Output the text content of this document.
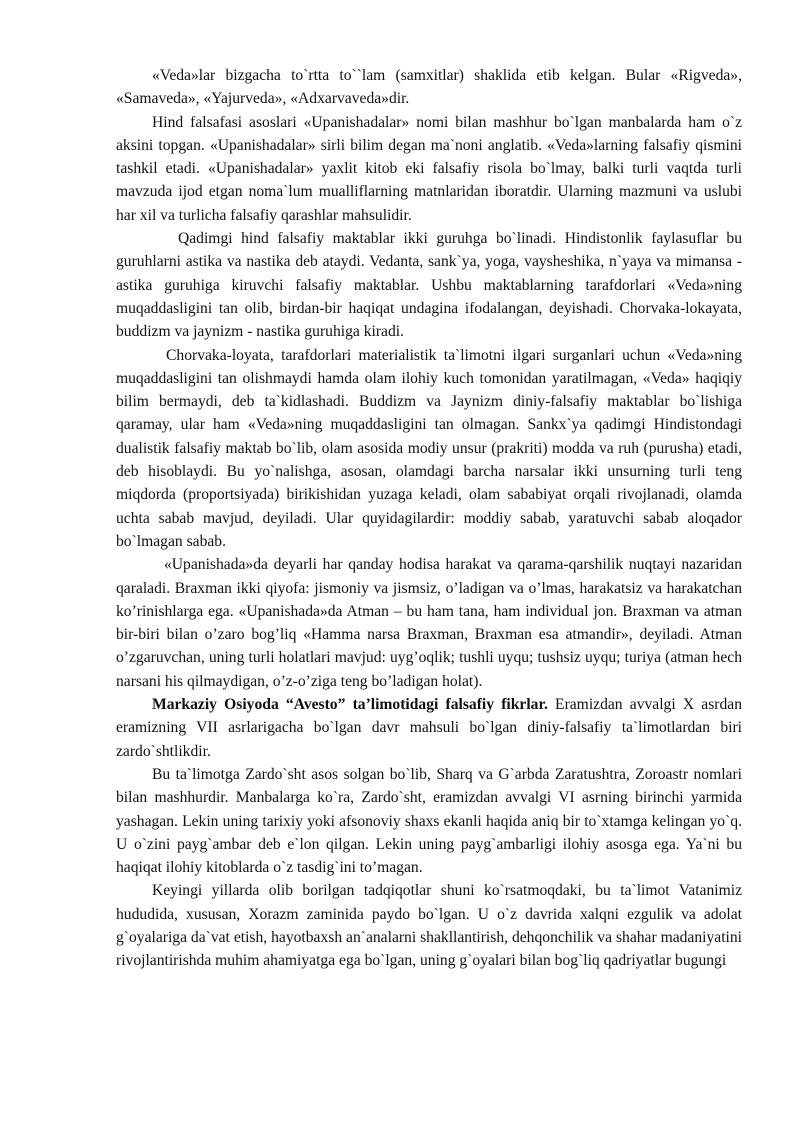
«Veda»lar bizgacha to`rtta to``lam (samxitlar) shaklida etib kelgan. Bular «Rigveda», «Samaveda», «Yajurveda», «Adxarvaveda»dir.

Hind falsafasi asoslari «Upanishadalar» nomi bilan mashhur bo`lgan manbalarda ham o`z aksini topgan. «Upanishadalar» sirli bilim degan ma`noni anglatib. «Veda»larning falsafiy qismini tashkil etadi. «Upanishadalar» yaxlit kitob eki falsafiy risola bo`lmay, balki turli vaqtda turli mavzuda ijod etgan noma`lum mualliflarning matnlaridan iboratdir. Ularning mazmuni va uslubi har xil va turlicha falsafiy qarashlar mahsulidir.

Qadimgi hind falsafiy maktablar ikki guruhga bo`linadi. Hindistonlik faylasuflar bu guruhlarni astika va nastika deb ataydi. Vedanta, sank`ya, yoga, vaysheshika, n`yaya va mimansa - astika guruhiga kiruvchi falsafiy maktablar. Ushbu maktablarning tarafdorlari «Veda»ning muqaddasligini tan olib, birdan-bir haqiqat undagina ifodalangan, deyishadi. Chorvaka-lokayata, buddizm va jaynizm - nastika guruhiga kiradi.

Chorvaka-loyata, tarafdorlari materialistik ta`limotni ilgari surganlari uchun «Veda»ning muqaddasligini tan olishmaydi hamda olam ilohiy kuch tomonidan yaratilmagan, «Veda» haqiqiy bilim bermaydi, deb ta`kidlashadi. Buddizm va Jaynizm diniy-falsafiy maktablar bo`lishiga qaramay, ular ham «Veda»ning muqaddasligini tan olmagan. Sankx`ya qadimgi Hindistondagi dualistik falsafiy maktab bo`lib, olam asosida modiy unsur (prakriti) modda va ruh (purusha) etadi, deb hisoblaydi. Bu yo`nalishga, asosan, olamdagi barcha narsalar ikki unsurning turli teng miqdorda (proportsiyada) birikishidan yuzaga keladi, olam sababiyat orqali rivojlanadi, olamda uchta sabab mavjud, deyiladi. Ular quyidagilardir: moddiy sabab, yaratuvchi sabab aloqador bo`lmagan sabab.

«Upanishada»da deyarli har qanday hodisa harakat va qarama-qarshilik nuqtayi nazaridan qaraladi. Braxman ikki qiyofa: jismoniy va jismsiz, o’ladigan va o’lmas, harakatsiz va harakatchan ko’rinishlarga ega. «Upanishada»da Atman – bu ham tana, ham individual jon. Braxman va atman bir-biri bilan o’zaro bog’liq «Hamma narsa Braxman, Braxman esa atmandir», deyiladi. Atman o’zgaruvchan, uning turli holatlari mavjud: uyg’oqlik; tushli uyqu; tushsiz uyqu; turiya (atman hech narsani his qilmaydigan, o’z-o’ziga teng bo’ladigan holat).

Markaziy Osiyoda “Avesto” ta’limotidagi falsafiy fikrlar. Eramizdan avvalgi X asrdan eramizning VII asrlarigacha bo`lgan davr mahsuli bo`lgan diniy-falsafiy ta`limotlardan biri zardo`shtlikdir.

Bu ta`limotga Zardo`sht asos solgan bo`lib, Sharq va G`arbda Zaratushtra, Zoroastr nomlari bilan mashhurdir. Manbalarga ko`ra, Zardo`sht, eramizdan avvalgi VI asrning birinchi yarmida yashagan. Lekin uning tarixiy yoki afsonoviy shaxs ekanli haqida aniq bir to`xtamga kelingan yo`q. U o`zini payg`ambar deb e`lon qilgan. Lekin uning payg`ambarligi ilohiy asosga ega. Ya`ni bu haqiqat ilohiy kitoblarda o`z tasdig`ini to’magan.

Keyingi yillarda olib borilgan tadqiqotlar shuni ko`rsatmoqdaki, bu ta`limot Vatanimiz hududida, xususan, Xorazm zaminida paydo bo`lgan. U o`z davrida xalqni ezgulik va adolat g`oyalariga da`vat etish, hayotbaxsh an`analarni shakllantirish, dehqonchilik va shahar madaniyatini rivojlantirishda muhim ahamiyatga ega bo`lgan, uning g`oyalari bilan bog`liq qadriyatlar bugungi
